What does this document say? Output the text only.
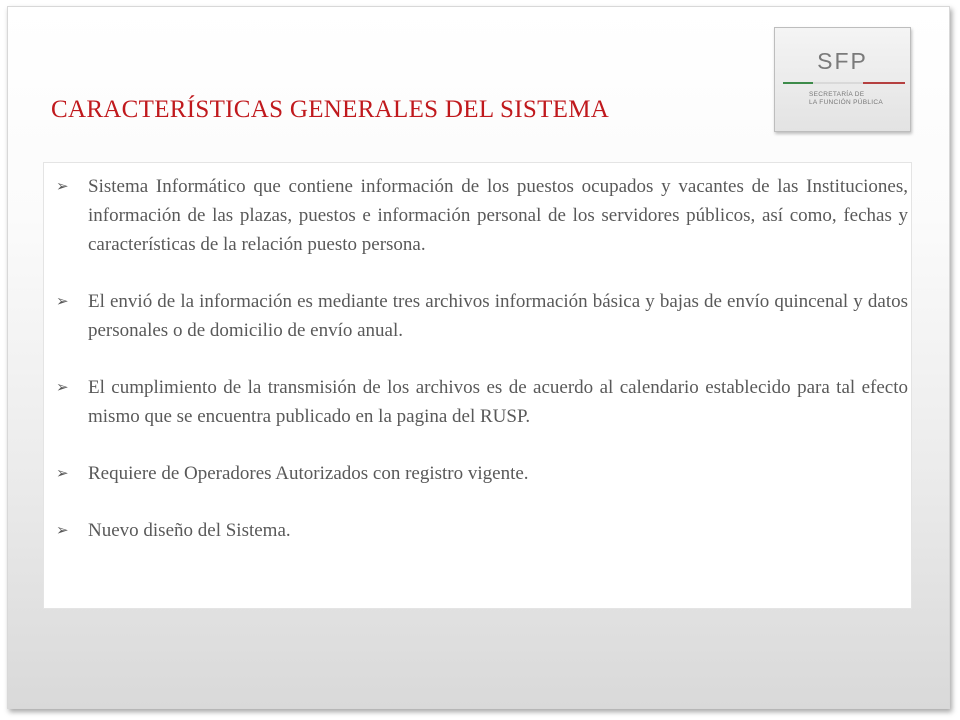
CARACTERÍSTICAS GENERALES DEL SISTEMA
SFP
SECRETARÍA DE
LA FUNCIÓN PÚBLICA
➢ Sistema Informático que contiene información de los puestos ocupados y vacantes de las Instituciones, información de las plazas, puestos e información personal de los servidores públicos, así como, fechas y características de la relación puesto persona.
➢ El envió de la información es mediante tres archivos información básica y bajas de envío quincenal y datos personales o de domicilio de envío anual.
➢ El cumplimiento de la transmisión de los archivos es de acuerdo al calendario establecido para tal efecto mismo que se encuentra publicado en la pagina del RUSP.
➢ Requiere de Operadores Autorizados con registro vigente.
➢ Nuevo diseño del Sistema.
